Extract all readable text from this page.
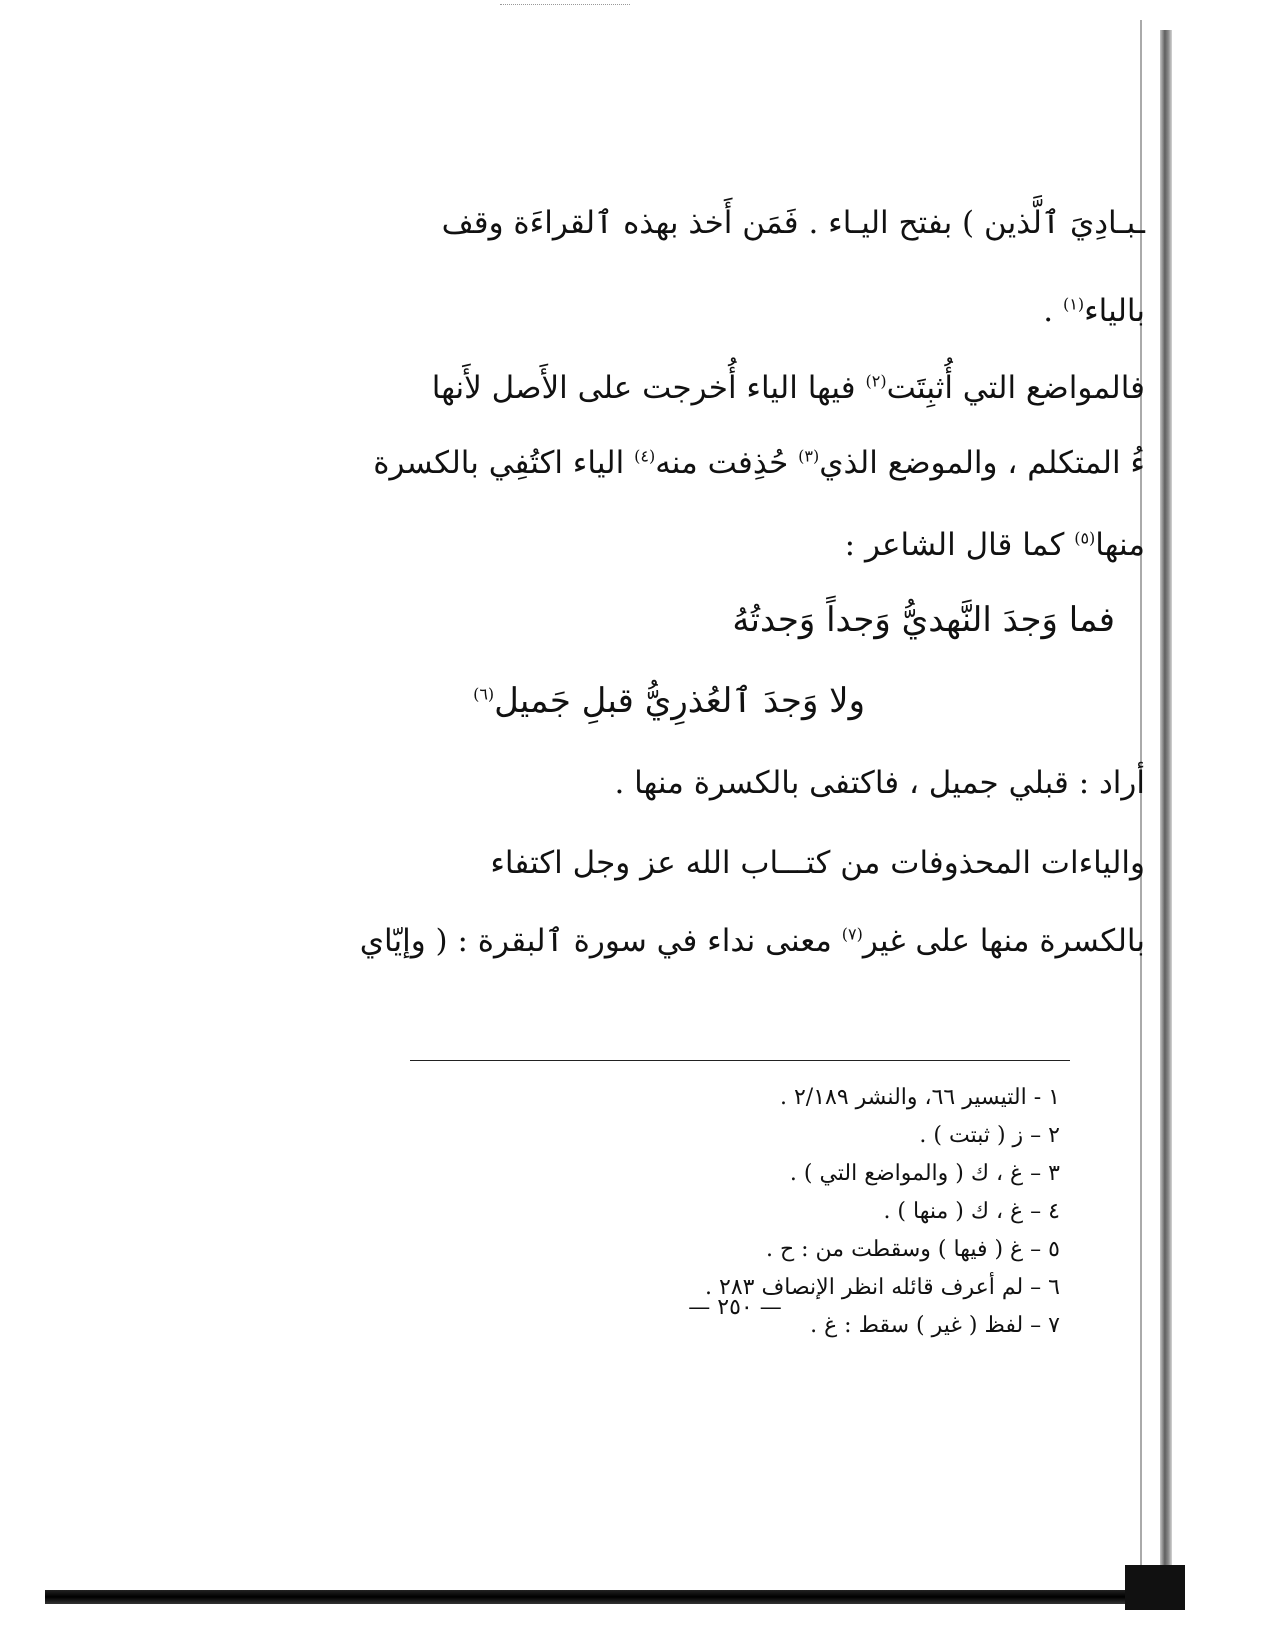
ـبـادِيَ ٱلَّذين ) بفتح اليـاء . فَمَن أَخذ بهذه ٱلقراءَة وقف
بالياء$^{(١)}$ .
فالمواضع التي أُثبِتَت$^{(٢)}$ فيها الياء أُخرجت على الأَصل لأَنها
ءُ المتكلم ، والموضع الذي$^{(٣)}$ حُذِفت منه$^{(٤)}$ الياء اكتُفِي بالكسرة
منها$^{(٥)}$ كما قال الشاعر :
فما وَجدَ النَّهديُّ وَجداً وَجدتُهُ
ولا وَجدَ ٱلعُذرِيُّ قبلِ جَميل$^{(٦)}$
أراد : قبلي جميل ، فاكتفى بالكسرة منها .
والياءات المحذوفات من كتـــاب الله عز وجل اكتفاء
بالكسرة منها على غير$^{(٧)}$ معنى نداء في سورة ٱلبقرة : ( وإيّاي
١ - التيسير ٦٦، والنشر ٢/١٨٩ .
٢ – ز ( ثبتت ) .
٣ – غ ، ك ( والمواضع التي ) .
٤ – غ ، ك ( منها ) .
٥ – غ ( فيها ) وسقطت من : ح .
٦ – لم أعرف قائله انظر الإنصاف ٢٨٣ .
٧ – لفظ ( غير ) سقط : غ .
— ٢٥٠ —
